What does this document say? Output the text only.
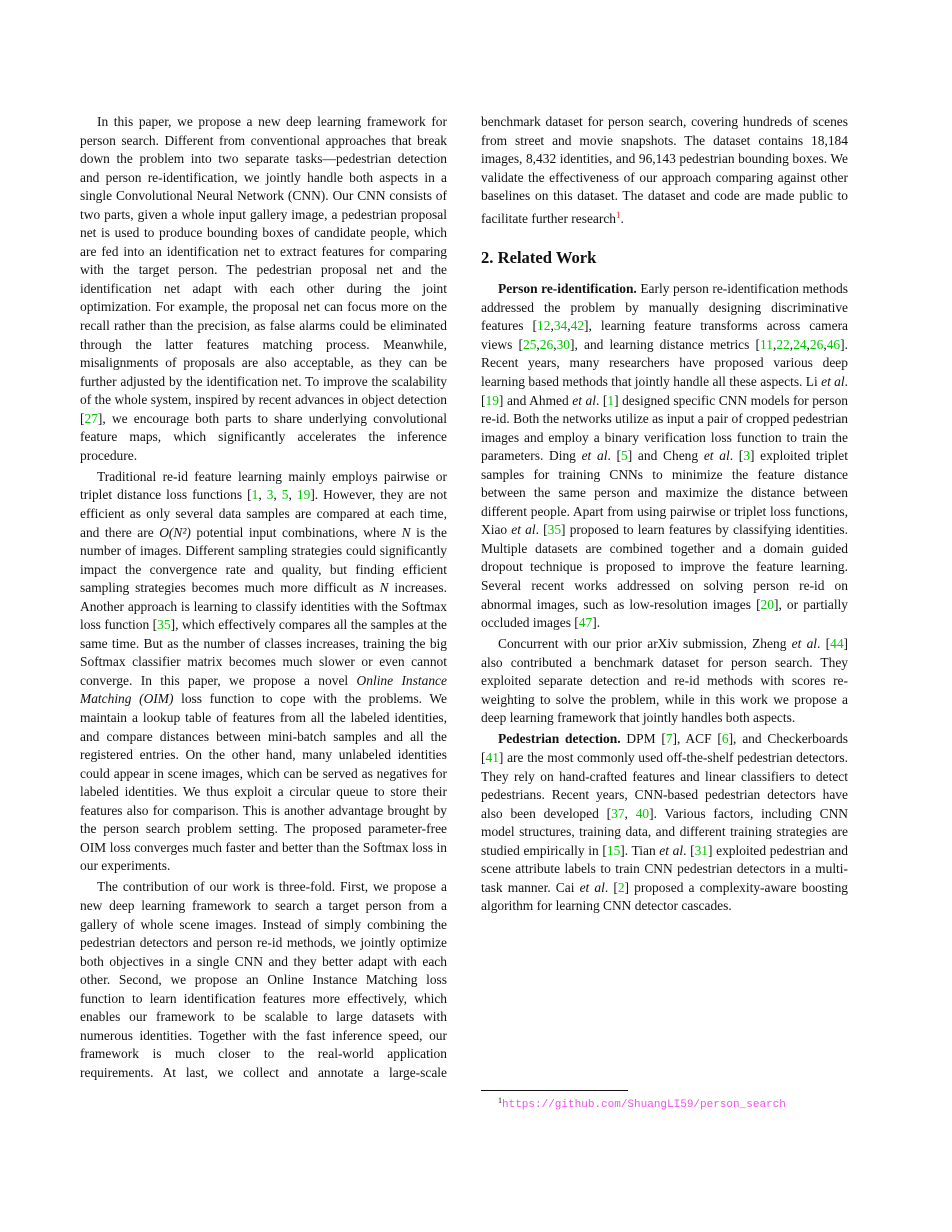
In this paper, we propose a new deep learning framework for person search. Different from conventional approaches that break down the problem into two separate tasks—pedestrian detection and person re-identification, we jointly handle both aspects in a single Convolutional Neural Network (CNN). Our CNN consists of two parts, given a whole input gallery image, a pedestrian proposal net is used to produce bounding boxes of candidate people, which are fed into an identification net to extract features for comparing with the target person. The pedestrian proposal net and the identification net adapt with each other during the joint optimization. For example, the proposal net can focus more on the recall rather than the precision, as false alarms could be eliminated through the latter features matching process. Meanwhile, misalignments of proposals are also acceptable, as they can be further adjusted by the identification net. To improve the scalability of the whole system, inspired by recent advances in object detection [27], we encourage both parts to share underlying convolutional feature maps, which significantly accelerates the inference procedure.

Traditional re-id feature learning mainly employs pairwise or triplet distance loss functions [1, 3, 5, 19]. However, they are not efficient as only several data samples are compared at each time, and there are O(N²) potential input combinations, where N is the number of images. Different sampling strategies could significantly impact the convergence rate and quality, but finding efficient sampling strategies becomes much more difficult as N increases. Another approach is learning to classify identities with the Softmax loss function [35], which effectively compares all the samples at the same time. But as the number of classes increases, training the big Softmax classifier matrix becomes much slower or even cannot converge. In this paper, we propose a novel Online Instance Matching (OIM) loss function to cope with the problems. We maintain a lookup table of features from all the labeled identities, and compare distances between mini-batch samples and all the registered entries. On the other hand, many unlabeled identities could appear in scene images, which can be served as negatives for labeled identities. We thus exploit a circular queue to store their features also for comparison. This is another advantage brought by the person search problem setting. The proposed parameter-free OIM loss converges much faster and better than the Softmax loss in our experiments.

The contribution of our work is three-fold. First, we propose a new deep learning framework to search a target person from a gallery of whole scene images. Instead of simply combining the pedestrian detectors and person re-id methods, we jointly optimize both objectives in a single CNN and they better adapt with each other. Second, we propose an Online Instance Matching loss function to learn identification features more effectively, which enables our framework to be scalable to large datasets with numerous identities. Together with the fast inference speed, our framework is much closer to the real-world application requirements. At last, we collect and annotate a large-scale

benchmark dataset for person search, covering hundreds of scenes from street and movie snapshots. The dataset contains 18,184 images, 8,432 identities, and 96,143 pedestrian bounding boxes. We validate the effectiveness of our approach comparing against other baselines on this dataset. The dataset and code are made public to facilitate further research$^1$.

2. Related Work

Person re-identification. Early person re-identification methods addressed the problem by manually designing discriminative features [12,34,42], learning feature transforms across camera views [25,26,30], and learning distance metrics [11,22,24,26,46]. Recent years, many researchers have proposed various deep learning based methods that jointly handle all these aspects. Li et al. [19] and Ahmed et al. [1] designed specific CNN models for person re-id. Both the networks utilize as input a pair of cropped pedestrian images and employ a binary verification loss function to train the parameters. Ding et al. [5] and Cheng et al. [3] exploited triplet samples for training CNNs to minimize the feature distance between the same person and maximize the distance between different people. Apart from using pairwise or triplet loss functions, Xiao et al. [35] proposed to learn features by classifying identities. Multiple datasets are combined together and a domain guided dropout technique is proposed to improve the feature learning. Several recent works addressed on solving person re-id on abnormal images, such as low-resolution images [20], or partially occluded images [47].

Concurrent with our prior arXiv submission, Zheng et al. [44] also contributed a benchmark dataset for person search. They exploited separate detection and re-id methods with scores re-weighting to solve the problem, while in this work we propose a deep learning framework that jointly handles both aspects.

Pedestrian detection. DPM [7], ACF [6], and Checkerboards [41] are the most commonly used off-the-shelf pedestrian detectors. They rely on hand-crafted features and linear classifiers to detect pedestrians. Recent years, CNN-based pedestrian detectors have also been developed [37, 40]. Various factors, including CNN model structures, training data, and different training strategies are studied empirically in [15]. Tian et al. [31] exploited pedestrian and scene attribute labels to train CNN pedestrian detectors in a multi-task manner. Cai et al. [2] proposed a complexity-aware boosting algorithm for learning CNN detector cascades.

$^1$https://github.com/ShuangLI59/person_search
